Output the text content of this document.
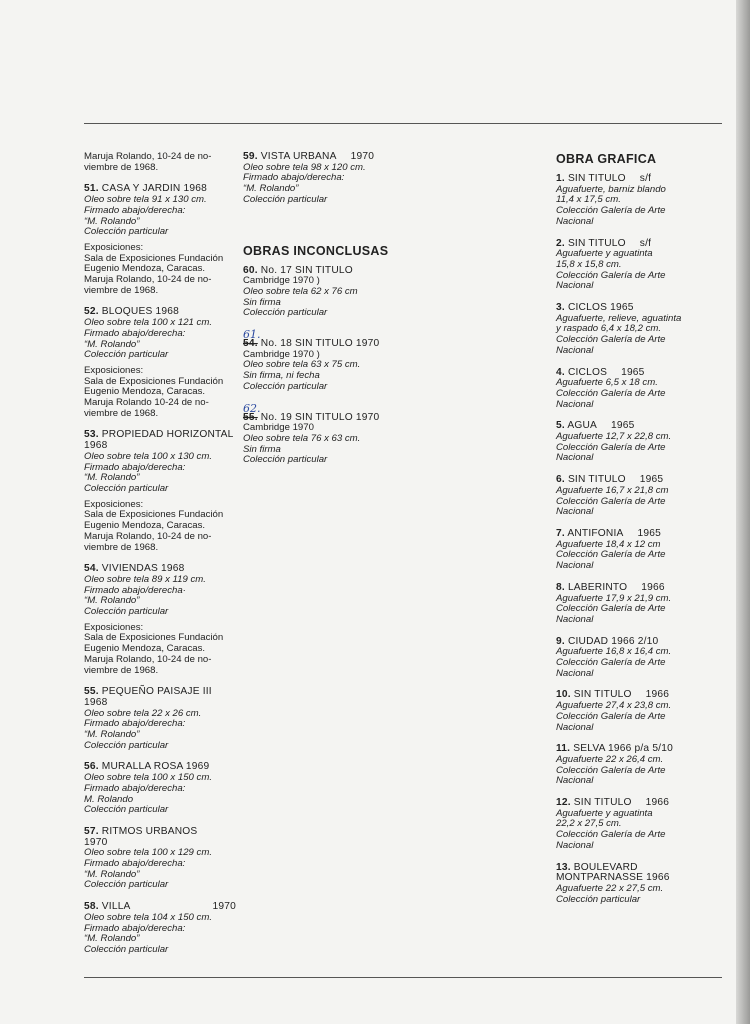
Maruja Rolando, 10-24 de no-
viembre de 1968.
51. CASA Y JARDIN 1968
Oleo sobre tela 91 x 130 cm.
Firmado abajo/derecha:
“M. Rolando”
Colección particular
Exposiciones:
Sala de Exposiciones Fundación
Eugenio Mendoza, Caracas.
Maruja Rolando, 10-24 de no-
viembre de 1968.
52. BLOQUES 1968
Oleo sobre tela 100 x 121 cm.
Firmado abajo/derecha:
“M. Rolando”
Colección particular
Exposiciones:
Sala de Exposiciones Fundación
Eugenio Mendoza, Caracas.
Maruja Rolando 10-24 de no-
viembre de 1968.
53. PROPIEDAD HORIZONTAL
1968
Oleo sobre tela 100 x 130 cm.
Firmado abajo/derecha:
“M. Rolando”
Colección particular
Exposiciones:
Sala de Exposiciones Fundación
Eugenio Mendoza, Caracas.
Maruja Rolando, 10-24 de no-
viembre de 1968.
54. VIVIENDAS 1968
Oleo sobre tela 89 x 119 cm.
Firmado abajo/derecha·
“M. Rolando”
Colección particular
Exposiciones:
Sala de Exposiciones Fundación
Eugenio Mendoza, Caracas.
Maruja Rolando, 10-24 de no-
viembre de 1968.
55. PEQUEÑO PAISAJE III
1968
Oleo sobre tela 22 x 26 cm.
Firmado abajo/derecha:
“M. Rolando”
Colección particular
56. MURALLA ROSA 1969
Oleo sobre tela 100 x 150 cm.
Firmado abajo/derecha:
M. Rolando
Colección particular
57. RITMOS URBANOS
1970
Oleo sobre tela 100 x 129 cm.
Firmado abajo/derecha:
“M. Rolando”
Colección particular
58. VILLA	1970
Oleo sobre tela 104 x 150 cm.
Firmado abajo/derecha:
“M. Rolando”
Colección particular
59. VISTA URBANA 1970
Oleo sobre tela 98 x 120 cm.
Firmado abajo/derecha:
“M. Rolando”
Colección particular
OBRAS INCONCLUSAS
60. No. 17 SIN TITULO
Cambridge 1970 )
Oleo sobre tela 62 x 76 cm
Sin firma
Colección particular
61.
54. No. 18 SIN TITULO 1970
Cambridge 1970 )
Oleo sobre tela 63 x 75 cm.
Sin firma, ni fecha
Colección particular
62.
55. No. 19 SIN TITULO 1970
Cambridge 1970
Oleo sobre tela 76 x 63 cm.
Sin firma
Colección particular
OBRA GRAFICA
1. SIN TITULO s/f
Aguafuerte, barniz blando
11,4 x 17,5 cm.
Colección Galería de Arte
Nacional
2. SIN TITULO s/f
Aguafuerte y aguatinta
15,8 x 15,8 cm.
Colección Galería de Arte
Nacional
3. CICLOS 1965
Aguafuerte, relieve, aguatinta
y raspado 6,4 x 18,2 cm.
Colección Galería de Arte
Nacional
4. CICLOS 1965
Aguafuerte 6,5 x 18 cm.
Colección Galería de Arte
Nacional
5. AGUA 1965
Aguafuerte 12,7 x 22,8 cm.
Colección Galería de Arte
Nacional
6. SIN TITULO 1965
Aguafuerte 16,7 x 21,8 cm
Colección Galería de Arte
Nacional
7. ANTIFONIA 1965
Aguafuerte 18,4 x 12 cm
Colección Galería de Arte
Nacional
8. LABERINTO 1966
Aguafuerte 17,9 x 21,9 cm.
Colección Galería de Arte
Nacional
9. CIUDAD 1966 2/10
Aguafuerte 16,8 x 16,4 cm.
Colección Galería de Arte
Nacional
10. SIN TITULO 1966
Aguafuerte 27,4 x 23,8 cm.
Colección Galería de Arte
Nacional
11. SELVA 1966 p/a 5/10
Aguafuerte 22 x 26,4 cm.
Colección Galería de Arte
Nacional
12. SIN TITULO 1966
Aguafuerte y aguatinta
22,2 x 27,5 cm.
Colección Galería de Arte
Nacional
13. BOULEVARD
MONTPARNASSE 1966
Aguafuerte 22 x 27,5 cm.
Colección particular
